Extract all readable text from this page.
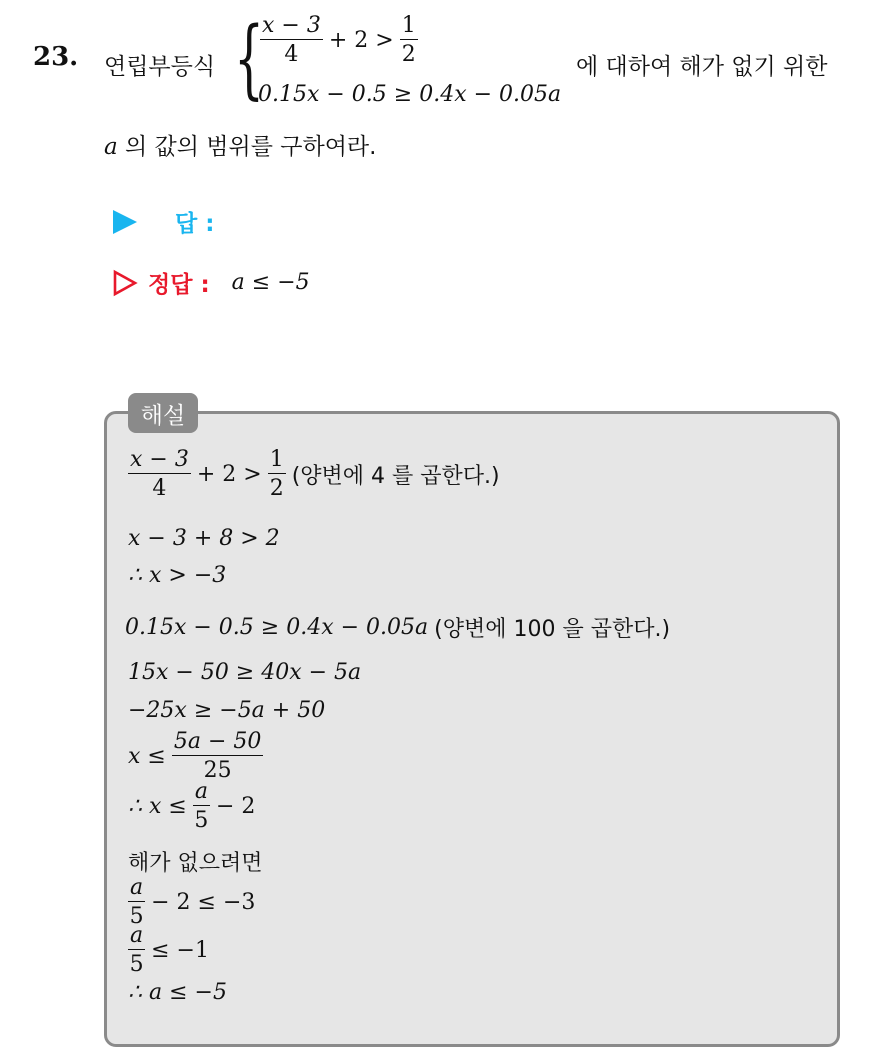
23. 연립부등식 {
$\frac{x - 3}{4} + 2 > \frac{1}{2}$
0.15x − 0.5 ≥ 0.4x − 0.05a
에 대하여 해가 없기 위한
a 의 값의 범위를 구하여라.
답 :
정답 : a ≤ −5
해설
$\frac{x - 3}{4} + 2 > \frac{1}{2}$ (양변에 4 를 곱한다.)
x − 3 + 8 > 2
∴ x > −3
0.15x − 0.5 ≥ 0.4x − 0.05a (양변에 100 을 곱한다.)
15x − 50 ≥ 40x − 5a
−25x ≥ −5a + 50
$x \le \frac{5a - 50}{25}$
∴ $x \le \frac{a}{5} - 2$
해가 없으려면
$\frac{a}{5} - 2 \le -3$
$\frac{a}{5} \le -1$
∴ a ≤ −5
